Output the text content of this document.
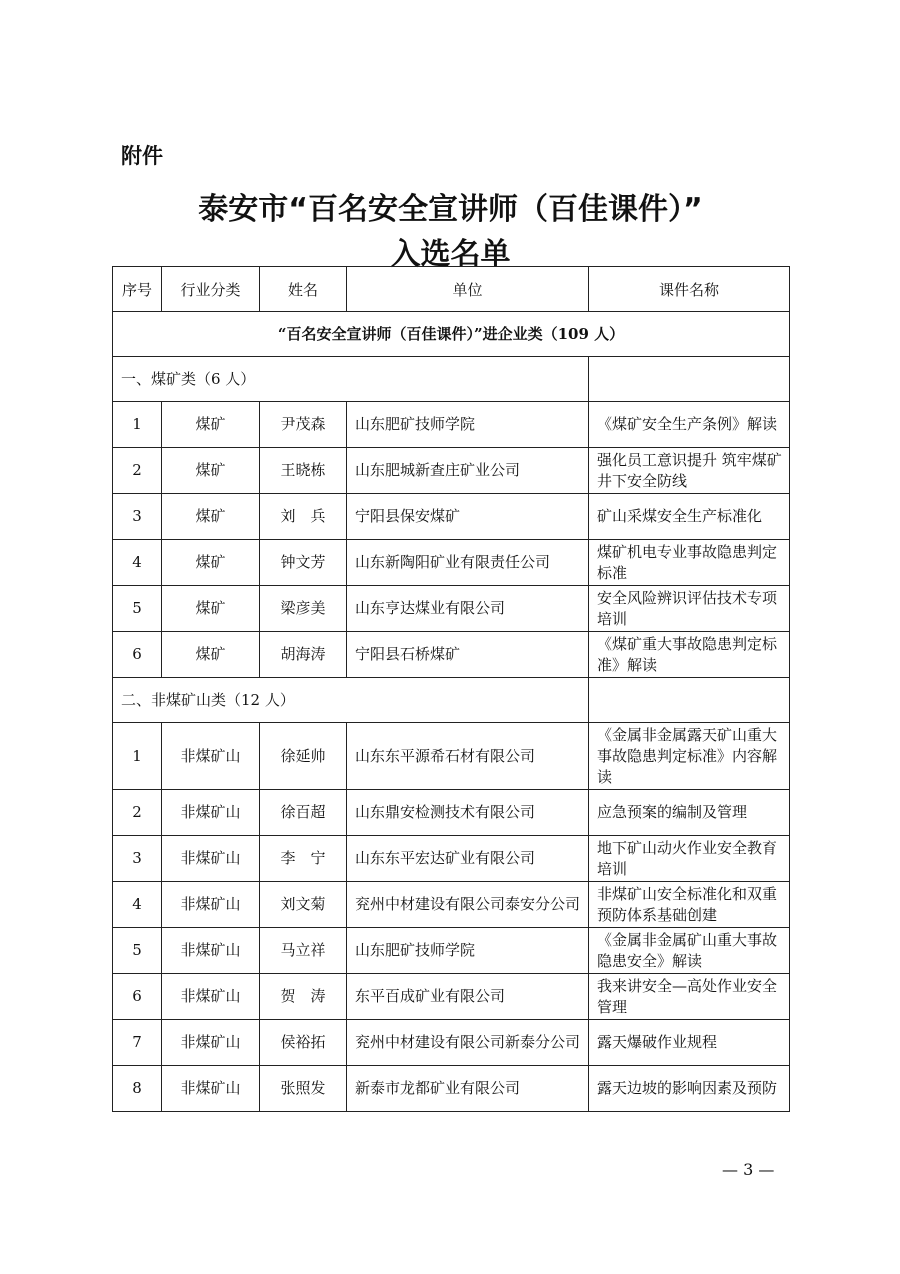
附件
泰安市“百名安全宣讲师（百佳课件）”
入选名单
序号	行业分类	姓名	单位	课件名称
“百名安全宣讲师（百佳课件）”进企业类（109 人）				
一、煤矿类（6 人）				
1	煤矿	尹茂森	山东肥矿技师学院	《煤矿安全生产条例》解读
2	煤矿	王晓栋	山东肥城新查庄矿业公司	强化员工意识提升 筑牢煤矿井下安全防线
3	煤矿	刘　兵	宁阳县保安煤矿	矿山采煤安全生产标准化
4	煤矿	钟文芳	山东新陶阳矿业有限责任公司	煤矿机电专业事故隐患判定标准
5	煤矿	梁彦美	山东亨达煤业有限公司	安全风险辨识评估技术专项培训
6	煤矿	胡海涛	宁阳县石桥煤矿	《煤矿重大事故隐患判定标准》解读
二、非煤矿山类（12 人）				
1	非煤矿山	徐延帅	山东东平源希石材有限公司	《金属非金属露天矿山重大事故隐患判定标准》内容解读
2	非煤矿山	徐百超	山东鼎安检测技术有限公司	应急预案的编制及管理
3	非煤矿山	李　宁	山东东平宏达矿业有限公司	地下矿山动火作业安全教育培训
4	非煤矿山	刘文菊	兖州中材建设有限公司泰安分公司	非煤矿山安全标准化和双重预防体系基础创建
5	非煤矿山	马立祥	山东肥矿技师学院	《金属非金属矿山重大事故隐患安全》解读
6	非煤矿山	贺　涛	东平百成矿业有限公司	我来讲安全—高处作业安全管理
7	非煤矿山	侯裕拓	兖州中材建设有限公司新泰分公司	露天爆破作业规程
8	非煤矿山	张照发	新泰市龙都矿业有限公司	露天边坡的影响因素及预防
— 3 —
